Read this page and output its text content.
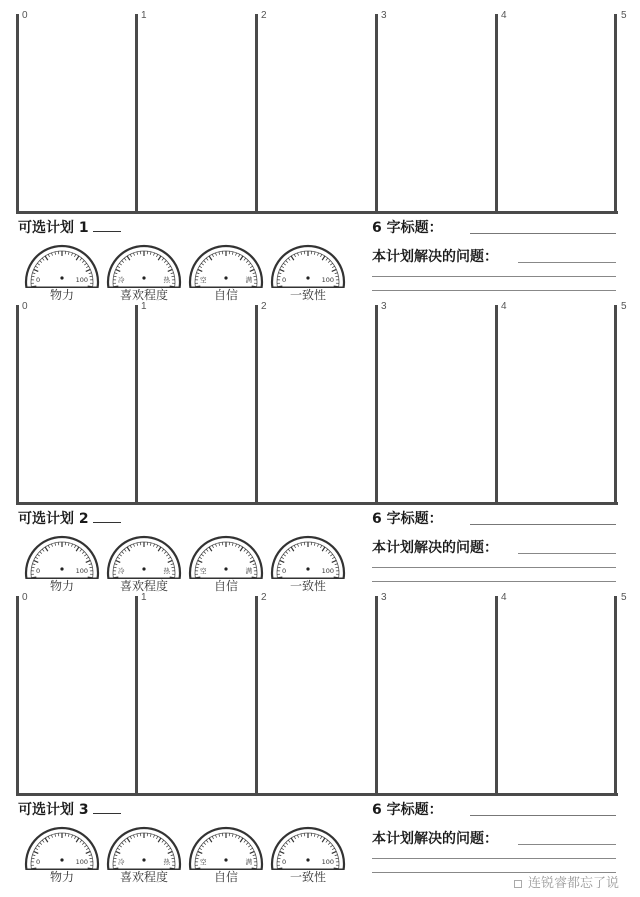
0	1	2	3	4	5
可选计划 1
0	100
物力
冷	热
喜欢程度
空	满
自信
0	100
一致性
6 字标题：
本计划解决的问题：
0	1	2	3	4	5
可选计划 2
0	100
物力
冷	热
喜欢程度
空	满
自信
0	100
一致性
6 字标题：
本计划解决的问题：
0	1	2	3	4	5
可选计划 3
0	100
物力
冷	热
喜欢程度
空	满
自信
0	100
一致性
6 字标题：
本计划解决的问题：
连锐睿都忘了说
